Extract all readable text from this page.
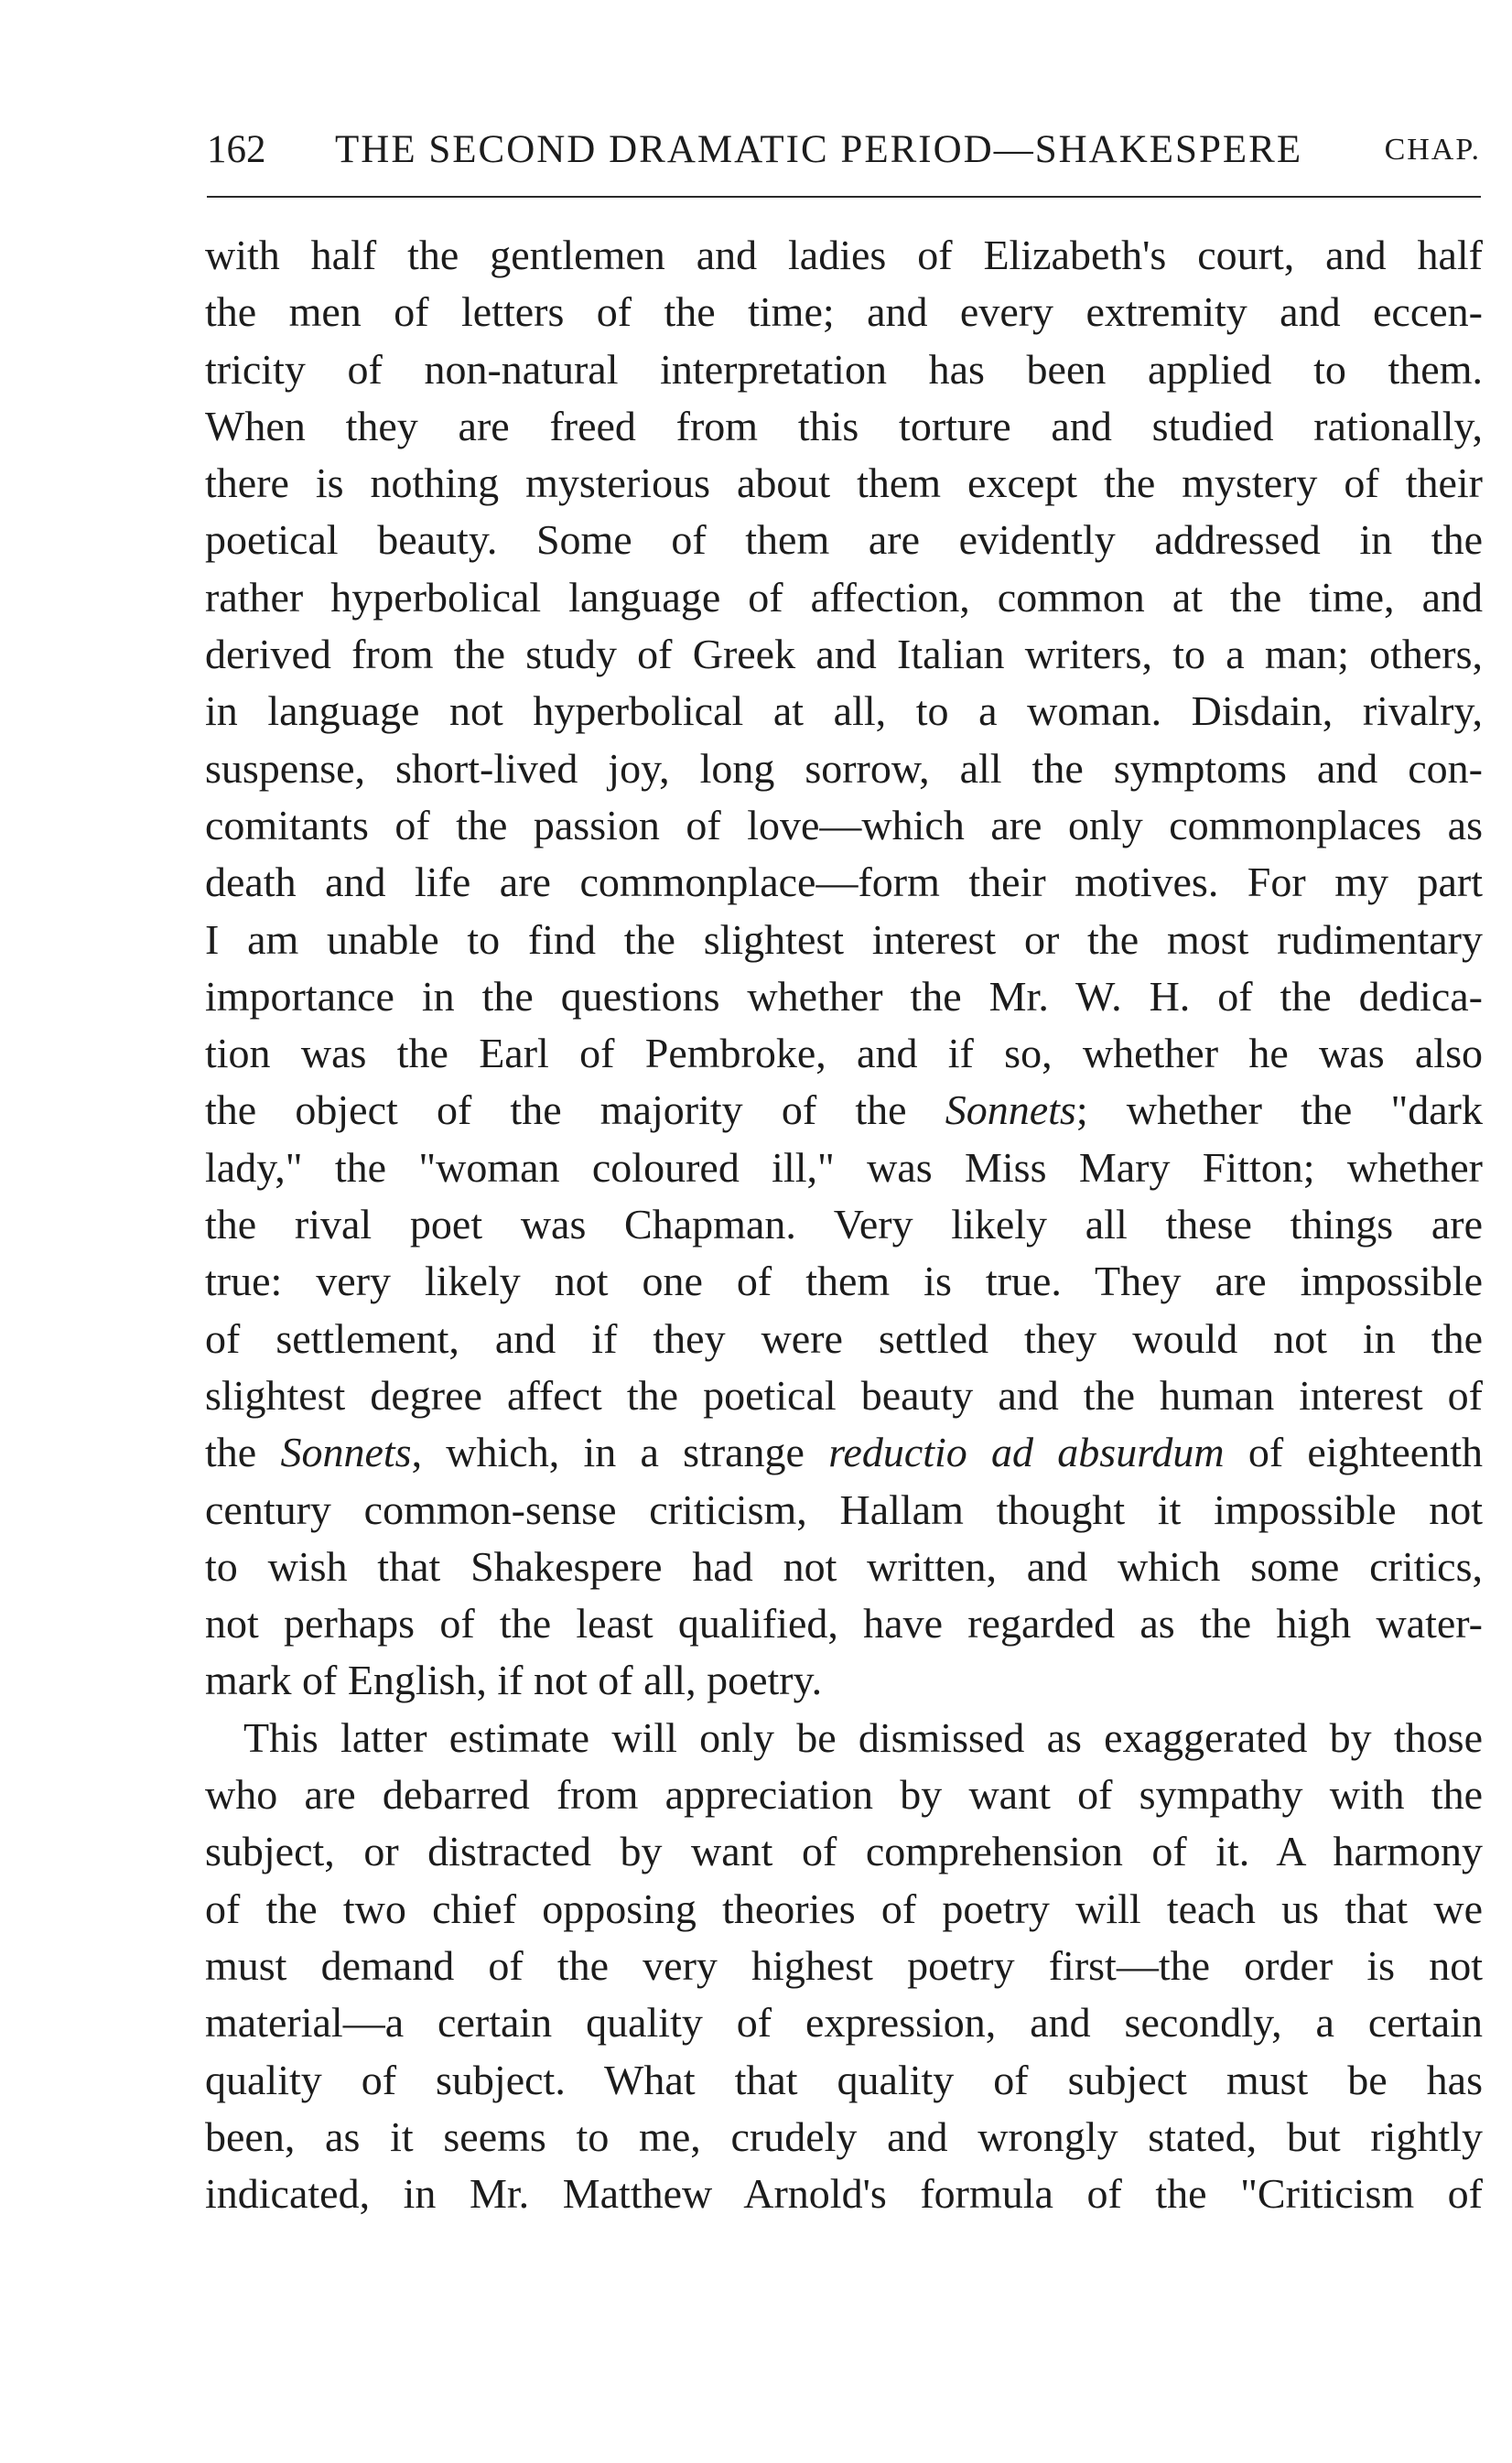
162 THE SECOND DRAMATIC PERIOD—SHAKESPERE	CHAP.
with half the gentlemen and ladies of Elizabeth's court, and half
the men of letters of the time; and every extremity and eccen-
tricity of non-natural interpretation has been applied to them.
When they are freed from this torture and studied rationally,
there is nothing mysterious about them except the mystery of their
poetical beauty. Some of them are evidently addressed in the
rather hyperbolical language of affection, common at the time, and
derived from the study of Greek and Italian writers, to a man; others,
in language not hyperbolical at all, to a woman. Disdain, rivalry,
suspense, short-lived joy, long sorrow, all the symptoms and con-
comitants of the passion of love—which are only commonplaces as
death and life are commonplace—form their motives. For my part
I am unable to find the slightest interest or the most rudimentary
importance in the questions whether the Mr. W. H. of the dedica-
tion was the Earl of Pembroke, and if so, whether he was also
the object of the majority of the Sonnets; whether the "dark
lady," the "woman coloured ill," was Miss Mary Fitton; whether
the rival poet was Chapman. Very likely all these things are
true: very likely not one of them is true. They are impossible
of settlement, and if they were settled they would not in the
slightest degree affect the poetical beauty and the human interest of
the Sonnets, which, in a strange reductio ad absurdum of eighteenth
century common-sense criticism, Hallam thought it impossible not
to wish that Shakespere had not written, and which some critics,
not perhaps of the least qualified, have regarded as the high water-
mark of English, if not of all, poetry.
This latter estimate will only be dismissed as exaggerated by those
who are debarred from appreciation by want of sympathy with the
subject, or distracted by want of comprehension of it. A harmony
of the two chief opposing theories of poetry will teach us that we
must demand of the very highest poetry first—the order is not
material—a certain quality of expression, and secondly, a certain
quality of subject. What that quality of subject must be has
been, as it seems to me, crudely and wrongly stated, but rightly
indicated, in Mr. Matthew Arnold's formula of the "Criticism of
